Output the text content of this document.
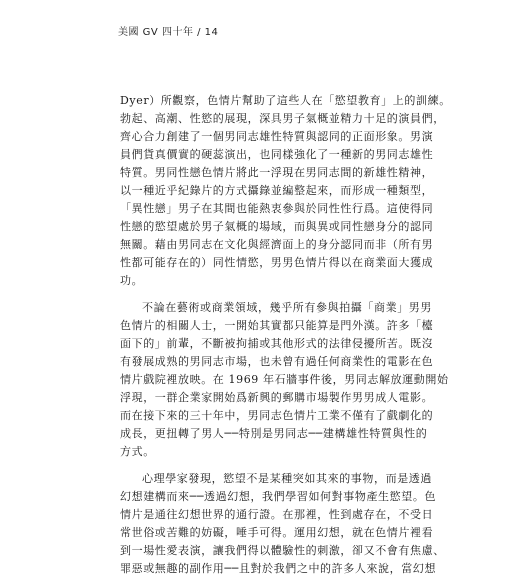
美國 GV 四十年 / 14

Dyer）所觀察，色情片幫助了這些人在「慾望教育」上的訓練。
勃起、高潮、性慾的展現，深具男子氣概並精力十足的演員們，
齊心合力創建了一個男同志雄性特質與認同的正面形象。男演
員們貨真價實的硬蕊演出，也同樣強化了一種新的男同志雄性
特質。男同性戀色情片將此一浮現在男同志間的新雄性精神，
以一種近乎紀錄片的方式攝錄並編整起來，而形成一種類型，
「異性戀」男子在其間也能熱衷參與於同性性行爲。這使得同
性戀的慾望處於男子氣概的場域，而與異或同性戀身分的認同
無關。藉由男同志在文化與經濟面上的身分認同而非（所有男
性都可能存在的）同性情慾，男男色情片得以在商業面大獲成
功。

不論在藝術或商業領域，幾乎所有參與拍攝「商業」男男
色情片的相關人士，一開始其實都只能算是門外漢。許多「檯
面下的」前輩，不斷被拘捕或其他形式的法律侵擾所苦。既沒
有發展成熟的男同志市場，也未曾有過任何商業性的電影在色
情片戲院裡放映。在 1969 年石牆事件後，男同志解放運動開始
浮現，一群企業家開始爲新興的郵購市場製作男男成人電影。
而在接下來的三十年中，男同志色情片工業不僅有了戲劇化的
成長，更扭轉了男人──特別是男同志──建構雄性特質與性的
方式。

心理學家發現，慾望不是某種突如其來的事物，而是透過
幻想建構而來──透過幻想，我們學習如何對事物產生慾望。色
情片是通往幻想世界的通行證。在那裡，性到處存在，不受日
常世俗或苦難的妨礙，唾手可得。運用幻想，就在色情片裡看
到一場性愛表演，讓我們得以體驗性的刺激，卻又不會有焦慮、
罪惡或無趣的副作用──且對於我們之中的許多人來說，當幻想
